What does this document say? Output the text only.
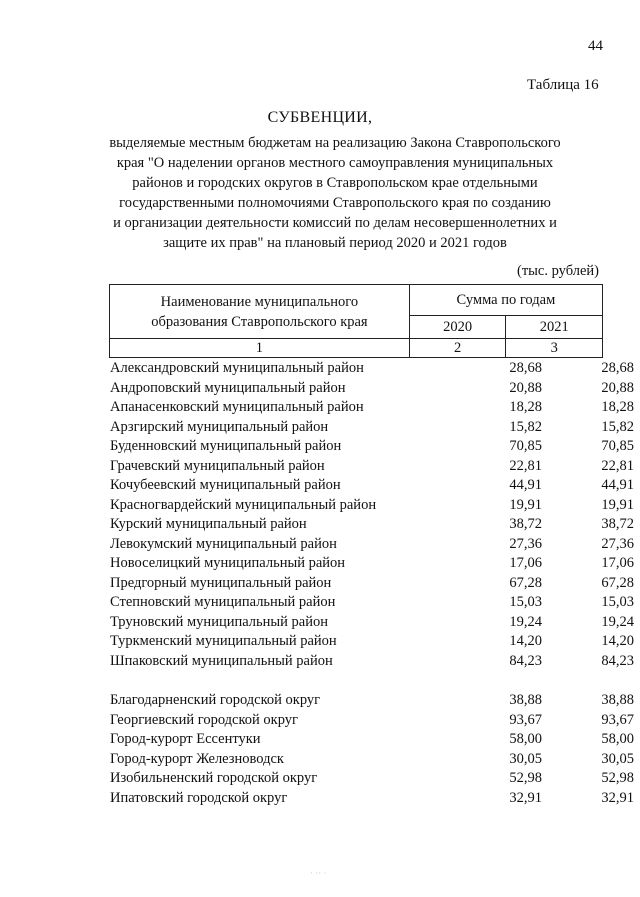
44
Таблица 16
СУБВЕНЦИИ,
выделяемые местным бюджетам на реализацию Закона Ставропольского
края "О наделении органов местного самоуправления муниципальных
районов и городских округов в Ставропольском крае отдельными
государственными полномочиями Ставропольского края по созданию
и организации деятельности комиссий по делам несовершеннолетних и
защите их прав" на плановый период 2020 и 2021 годов
(тыс. рублей)
Наименование муниципального
образования Ставропольского края	Сумма по годам	
	2020	2021
1	2	3
Александровский муниципальный район	28,68	28,68
Андроповский муниципальный район	20,88	20,88
Апанасенковский муниципальный район	18,28	18,28
Арзгирский муниципальный район	15,82	15,82
Буденновский муниципальный район	70,85	70,85
Грачевский муниципальный район	22,81	22,81
Кочубеевский муниципальный район	44,91	44,91
Красногвардейский муниципальный район	19,91	19,91
Курский муниципальный район	38,72	38,72
Левокумский муниципальный район	27,36	27,36
Новоселицкий муниципальный район	17,06	17,06
Предгорный муниципальный район	67,28	67,28
Степновский муниципальный район	15,03	15,03
Труновский муниципальный район	19,24	19,24
Туркменский муниципальный район	14,20	14,20
Шпаковский муниципальный район	84,23	84,23

Благодарненский городской округ	38,88	38,88
Георгиевский городской округ	93,67	93,67
Город-курорт Ессентуки	58,00	58,00
Город-курорт Железноводск	30,05	30,05
Изобильненский городской округ	52,98	52,98
Ипатовский городской округ	32,91	32,91
· ·· ·
